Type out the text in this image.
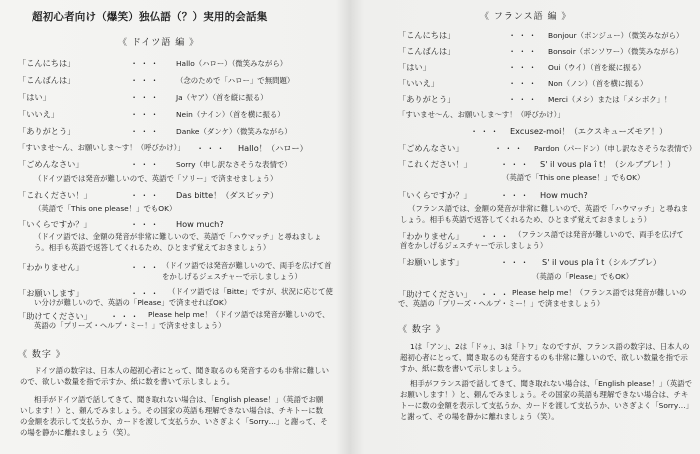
超初心者向け（爆笑）独仏語（？）実用的会話集
《 ドイツ語 編 》
「こんにちは」	・・・ Hallo（ハロー）（微笑みながら）
「こんばんは」	・・・ （念のためで「ハロー」で無問題）
「はい」	・・・ Ja（ヤア）（首を縦に振る）
「いいえ」	・・・ Nein（ナイン）（首を横に振る）
「ありがとう」	・・・ Danke（ダンケ）（微笑みながら）
「すいませ～ん、お願いしま～す！（呼びかけ）」 ・・・ Hallo！（ハロー）
「ごめんなさい」	・・・ Sorry（申し訳なさそうな表情で）
（ドイツ語では発音が難しいので、英語で「ソリー」で済ませましょう）
「これください！」	・・・ Das bitte！（ダスビッテ）
（英語で「This one please！」でもOK）
「いくらですか？」	・・・ How much?
（ドイツ語では、金額の発音が非常に難しいので、英語で「ハウマッチ」と尋ねましょう。相手も英語で返答してくれるため、ひとまず覚えておきましょう）
「わかりません」	・・・ （ドイツ語では発音が難しいので、両手を広げて首をかしげるジェスチャーで示しましょう）
「お願いします」	・・・	（ドイツ語では「Bitte」ですが、状況に応じて使い分けが難しいので、英語の「Please」で済ませればOK）
「助けてください」 ・・・	Please help me！（ドイツ語では発音が難しいので、英語の「プリーズ・ヘルプ・ミー！」で済ませましょう）
《 数字 》
ドイツ語の数字は、日本人の超初心者にとって、聞き取るのも発音するのも非常に難しいので、欲しい数量を指で示すか、紙に数を書いて示しましょう。
相手がドイツ語で話してきて、聞き取れない場合は、「English please！」（英語でお願いします！）と、頼んでみましょう。その国家の英語も理解できない場合は、チキトーに数の金額を表示して支払うか、カードを渡して支払うか、いさぎよく「Sorry…」と謝って、その場を静かに離れましょう（笑）。
《 フランス語 編 》
「こんにちは」	・・・ Bonjour（ボンジュー）（微笑みながら）
「こんばんは」	・・・ Bonsoir（ボンソワー）（微笑みながら）
「はい」	・・・ Oui（ウイ）（首を縦に振る）
「いいえ」	・・・ Non（ノン）（首を横に振る）
「ありがとう」	・・・ Merci（メシ）または「メシボク」！
「すいませ～ん、お願いしま～す！（呼びかけ）」
・・・ Excusez-moi！（エクスキューズモア！）
「ごめんなさい」	・・・ Pardon（パードン）（申し訳なさそうな表情で）
「これください！」	・・・ S' il vous pla î t！（シルブプレ！）
（英語で「This one please！」でもOK）
「いくらですか？」	・・・ How much?
（フランス語では、金額の発音が非常に難しいので、英語で「ハウマッチ」と尋ねましょう。相手も英語で返答してくれるため、ひとまず覚えておきましょう）
「わかりません」 ・・・ （フランス語では発音が難しいので、両手を広げて首をかしげるジェスチャーで示しましょう）
「お願いします」	・・・ S' il vous pla î t（シルブプレ）
（英語の「Please」でもOK）
「助けてください」 ・・・ Please help me！（フランス語では発音が難しいので、英語の「プリーズ・ヘルプ・ミー！」で済ませましょう）
《 数字 》
1は「アン」、2は「ドゥ」、3は「トワ」なのですが、フランス語の数字は、日本人の超初心者にとって、聞き取るのも発音するのも非常に難しいので、欲しい数量を指で示すか、紙に数を書いて示しましょう。
相手がフランス語で話してきて、聞き取れない場合は、「English please！」（英語でお願いします！）と、頼んでみましょう。その国家の英語も理解できない場合は、チキトーに数の金額を表示して支払うか、カードを渡して支払うか、いさぎよく「Sorry…」と謝って、その場を静かに離れましょう（笑）。
